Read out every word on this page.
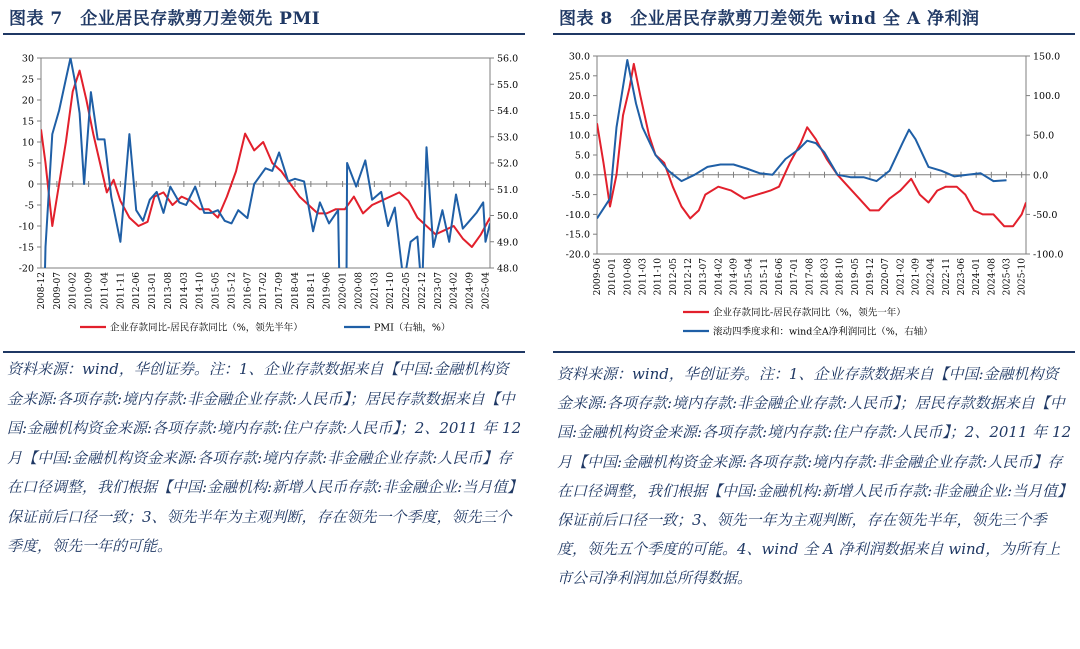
图表 7　企业居民存款剪刀差领先 PMI
-20
-15
-10
-5
0
5
10
15
20
25
30
48.0
49.0
50.0
51.0
52.0
53.0
54.0
55.0
56.0
2008-12 2009-07 2010-02 2010-09 2011-04 2011-11 2012-06 2013-01 2013-08 2014-03 2014-10 2015-05 2015-12 2016-07 2017-02 2017-09 2018-04 2018-11 2019-06 2020-01 2020-08 2021-03 2021-10 2022-05 2022-12 2023-07 2024-02 2024-09 2025-04
企业存款同比-居民存款同比（%，领先半年）	PMI（右轴，%）
资料来源：wind，华创证券。注：1、企业存款数据来自【中国:金融机构资金来源:各项存款:境内存款:非金融企业存款:人民币】；居民存款数据来自【中国:金融机构资金来源:各项存款:境内存款:住户存款:人民币】；2、2011 年 12 月【中国:金融机构资金来源:各项存款:境内存款:非金融企业存款:人民币】存在口径调整，我们根据【中国:金融机构:新增人民币存款:非金融企业:当月值】保证前后口径一致；3、领先半年为主观判断，存在领先一个季度，领先三个季度，领先一年的可能。
图表 8　企业居民存款剪刀差领先 wind 全 A 净利润
-20.0
-15.0
-10.0
-5.0
0.0
5.0
10.0
15.0
20.0
25.0
30.0
-100.0
-50.0
0.0
50.0
100.0
150.0
2009-06 2010-01 2010-08 2011-03 2011-10 2012-05 2012-12 2013-07 2014-02 2014-09 2015-04 2015-11 2016-06 2017-01 2017-08 2018-03 2018-10 2019-05 2019-12 2020-07 2021-02 2021-09 2022-04 2022-11 2023-06 2024-01 2024-08 2025-03 2025-10
企业存款同比-居民存款同比（%，领先一年）
滚动四季度求和：wind全A净利润同比（%，右轴）
资料来源：wind，华创证券。注：1、企业存款数据来自【中国:金融机构资金来源:各项存款:境内存款:非金融企业存款:人民币】；居民存款数据来自【中国:金融机构资金来源:各项存款:境内存款:住户存款:人民币】；2、2011 年 12 月【中国:金融机构资金来源:各项存款:境内存款:非金融企业存款:人民币】存在口径调整，我们根据【中国:金融机构:新增人民币存款:非金融企业:当月值】保证前后口径一致；3、领先一年为主观判断，存在领先半年，领先三个季度，领先五个季度的可能。4、wind 全 A 净利润数据来自 wind，为所有上市公司净利润加总所得数据。
